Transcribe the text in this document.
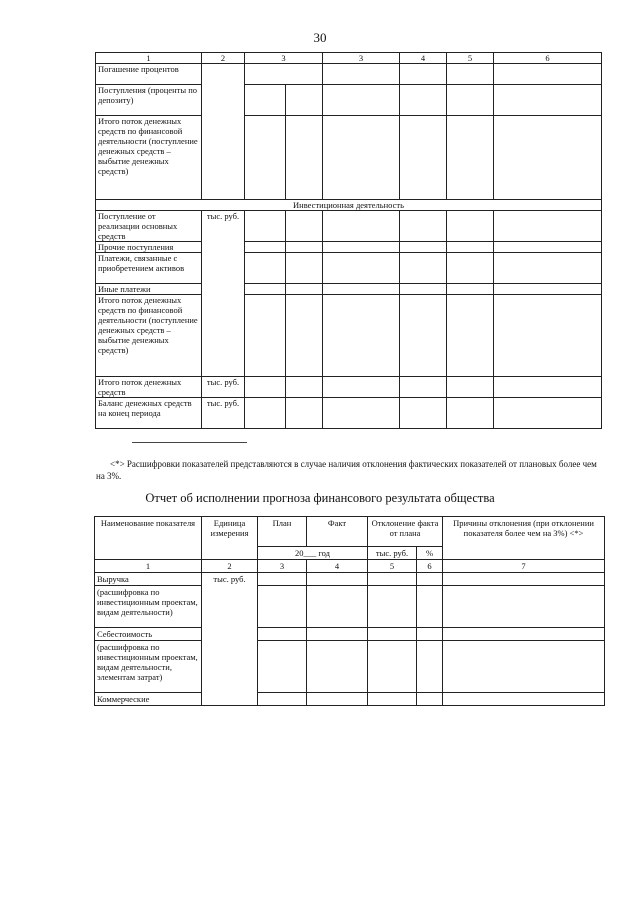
30
1	2	3		3	4	5	6
Погашение процентов							
Поступления (проценты по депозиту)							
Итого поток денежных средств по финансовой деятельности (поступление денежных средств – выбытие денежных средств)							
Инвестиционная деятельность							
Поступление от реализации основных средств	тыс. руб.						
Прочие поступления							
Платежи, связанные с приобретением активов							
Иные платежи							
Итого поток денежных средств по финансовой деятельности (поступление денежных средств – выбытие денежных средств)							
Итого поток денежных средств	тыс. руб.						
Баланс денежных средств на конец периода	тыс. руб.						
<*> Расшифровки показателей представляются в случае наличия отклонения фактических показателей от плановых более чем на 3%.
Отчет об исполнении прогноза финансового результата общества
Наименование показателя	Единица измерения	План	Факт	Отклонение факта от плана		Причины отклонения (при отклонении показателя более чем на 3%) <*>
		20___ год		тыс. руб.	%	
1	2	3	4	5	6	7
Выручка	тыс. руб.					
(расшифровка по инвестиционным проектам, видам деятельности)						
Себестоимость						
(расшифровка по инвестиционным проектам, видам деятельности, элементам затрат)						
Коммерческие						
